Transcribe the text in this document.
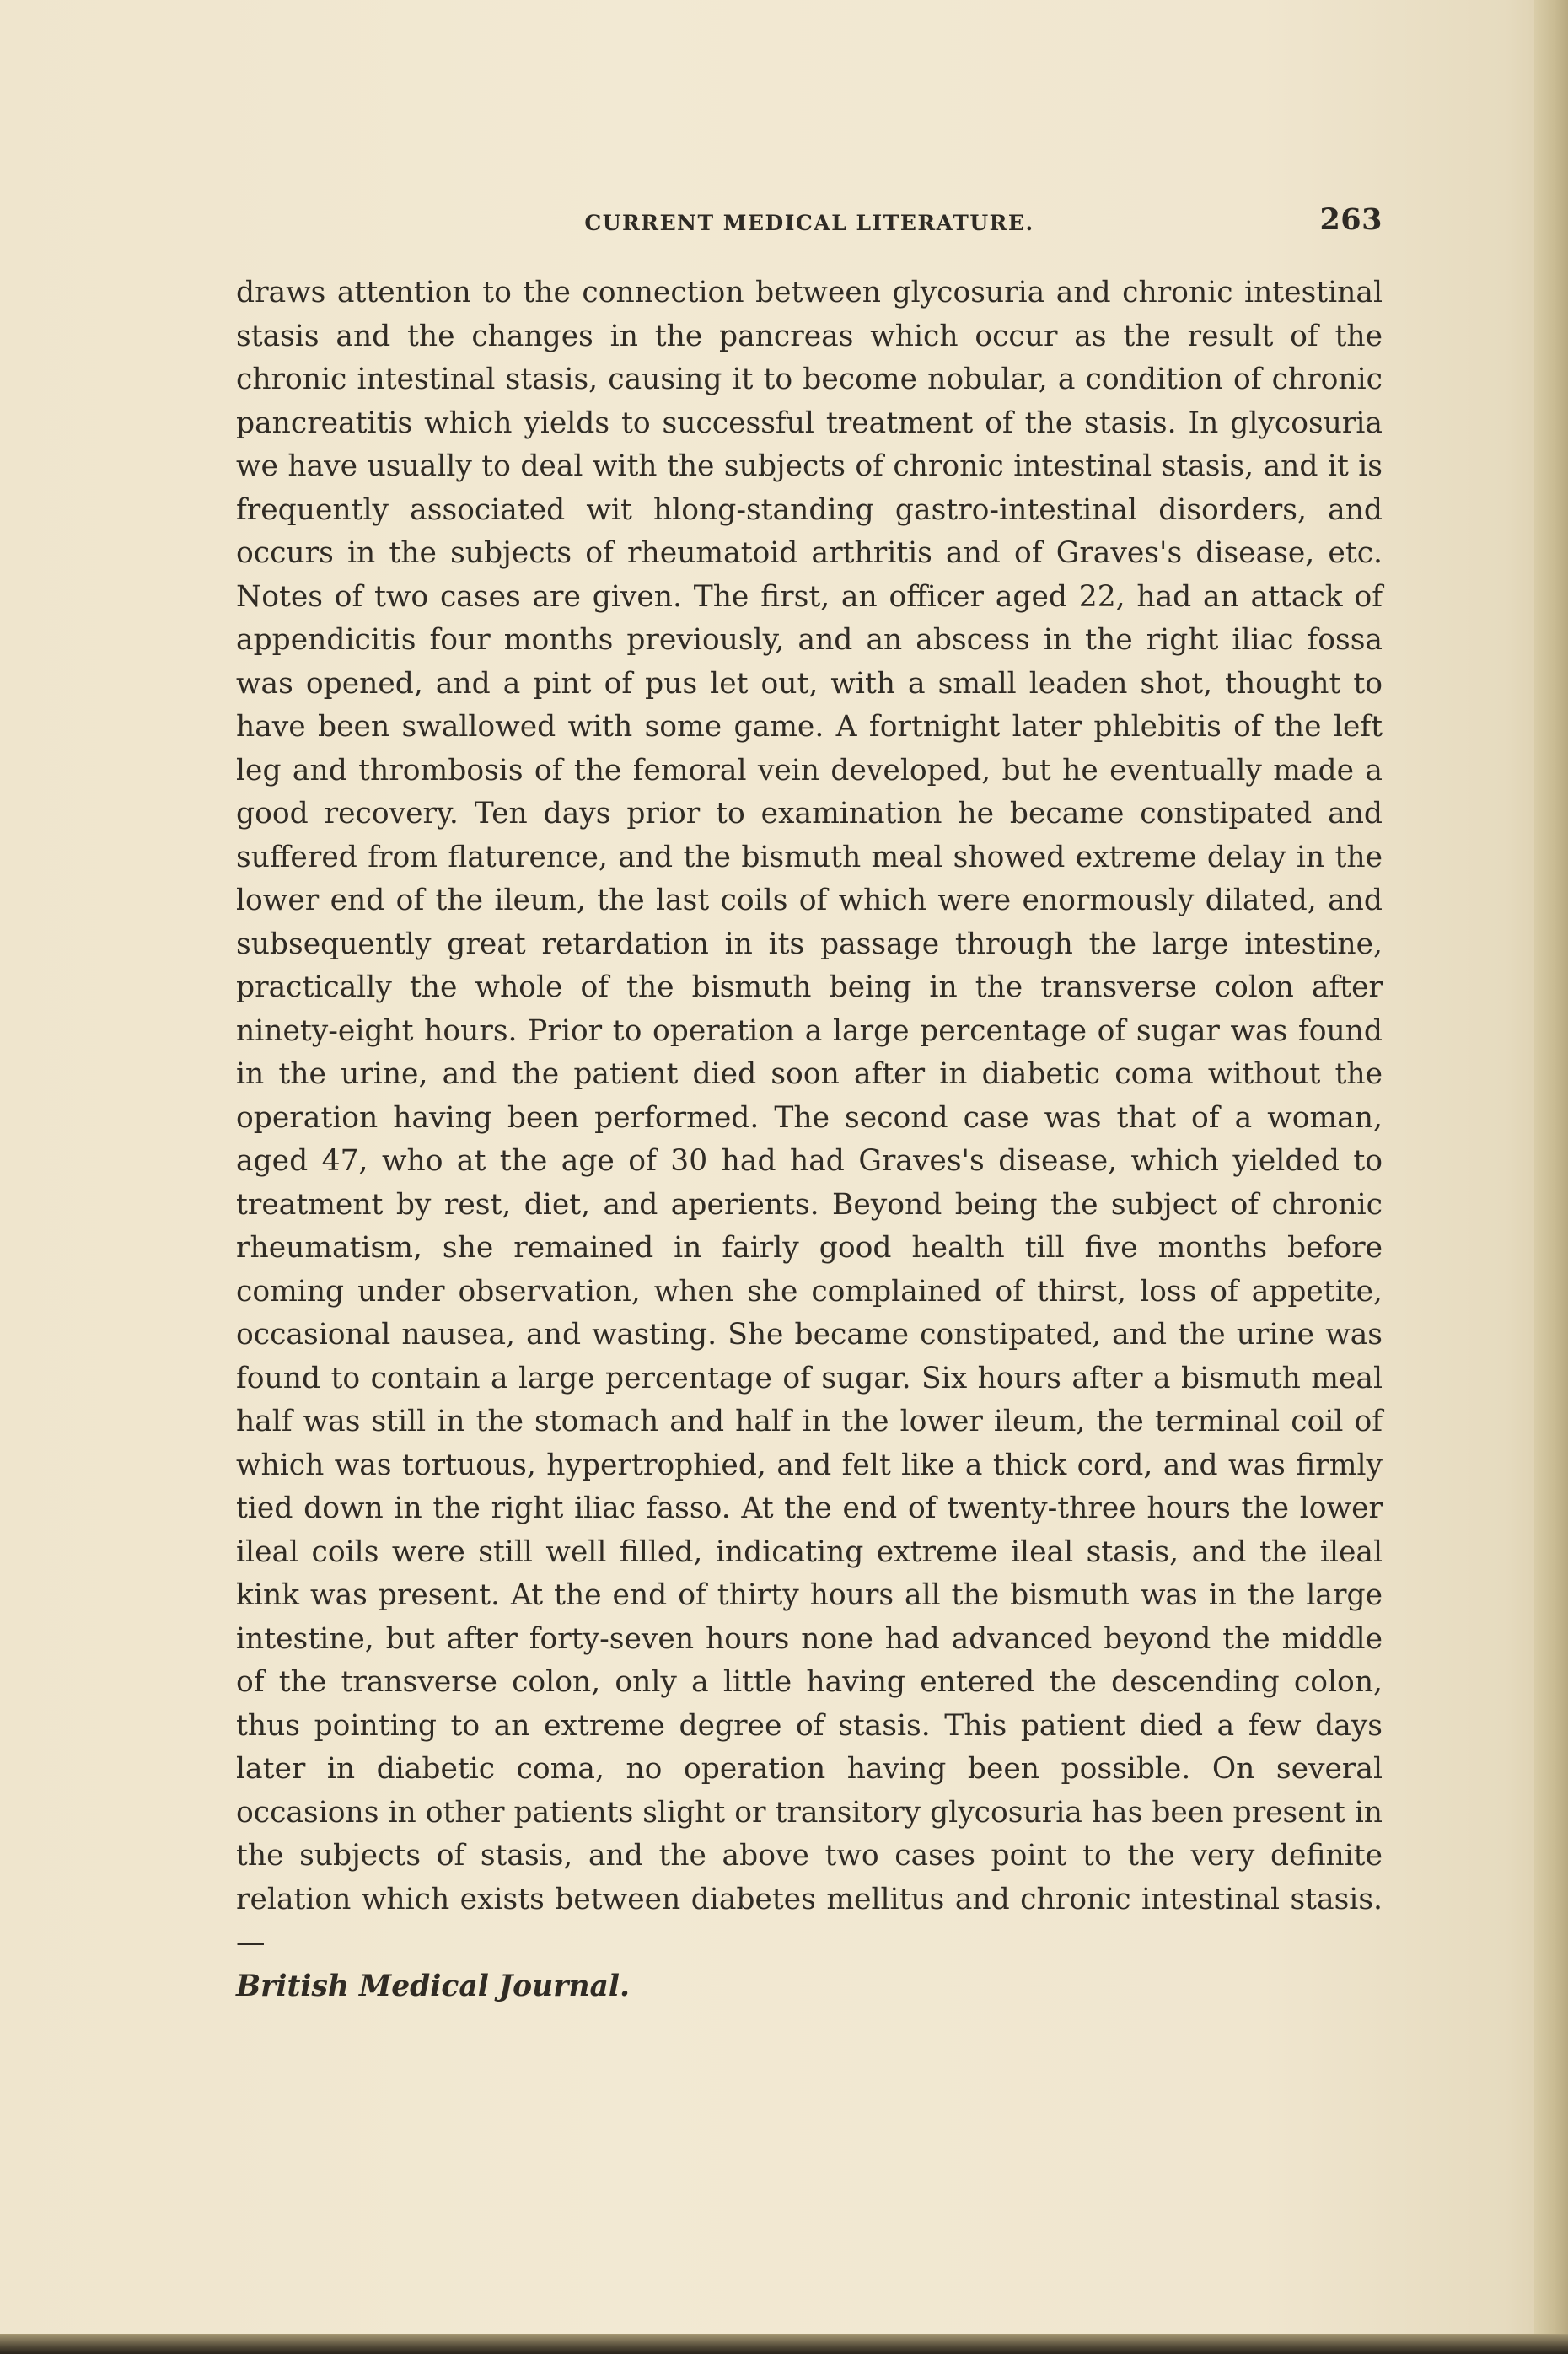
CURRENT MEDICAL LITERATURE.	263

draws attention to the connection between glycosuria and chronic intestinal stasis and the changes in the pancreas which occur as the result of the chronic intestinal stasis, causing it to become nobular, a condition of chronic pancreatitis which yields to successful treatment of the stasis. In glycosuria we have usually to deal with the subjects of chronic intestinal stasis, and it is frequently associated wit hlong-standing gastro-intestinal disorders, and occurs in the subjects of rheumatoid arthritis and of Graves's disease, etc. Notes of two cases are given. The first, an officer aged 22, had an attack of appendicitis four months previously, and an abscess in the right iliac fossa was opened, and a pint of pus let out, with a small leaden shot, thought to have been swallowed with some game. A fortnight later phlebitis of the left leg and thrombosis of the femoral vein developed, but he eventually made a good recovery. Ten days prior to examination he became constipated and suffered from flaturence, and the bismuth meal showed extreme delay in the lower end of the ileum, the last coils of which were enormously dilated, and subsequently great retardation in its passage through the large intestine, practically the whole of the bismuth being in the transverse colon after ninety-eight hours. Prior to operation a large percentage of sugar was found in the urine, and the patient died soon after in diabetic coma without the operation having been performed. The second case was that of a woman, aged 47, who at the age of 30 had had Graves's disease, which yielded to treatment by rest, diet, and aperients. Beyond being the subject of chronic rheumatism, she remained in fairly good health till five months before coming under observation, when she complained of thirst, loss of appetite, occasional nausea, and wasting. She became constipated, and the urine was found to contain a large percentage of sugar. Six hours after a bismuth meal half was still in the stomach and half in the lower ileum, the terminal coil of which was tortuous, hypertrophied, and felt like a thick cord, and was firmly tied down in the right iliac fasso. At the end of twenty-three hours the lower ileal coils were still well filled, indicating extreme ileal stasis, and the ileal kink was present. At the end of thirty hours all the bismuth was in the large intestine, but after forty-seven hours none had advanced beyond the middle of the transverse colon, only a little having entered the descending colon, thus pointing to an extreme degree of stasis. This patient died a few days later in diabetic coma, no operation having been possible. On several occasions in other patients slight or transitory glycosuria has been present in the subjects of stasis, and the above two cases point to the very definite relation which exists between diabetes mellitus and chronic intestinal stasis.—
British Medical Journal.
